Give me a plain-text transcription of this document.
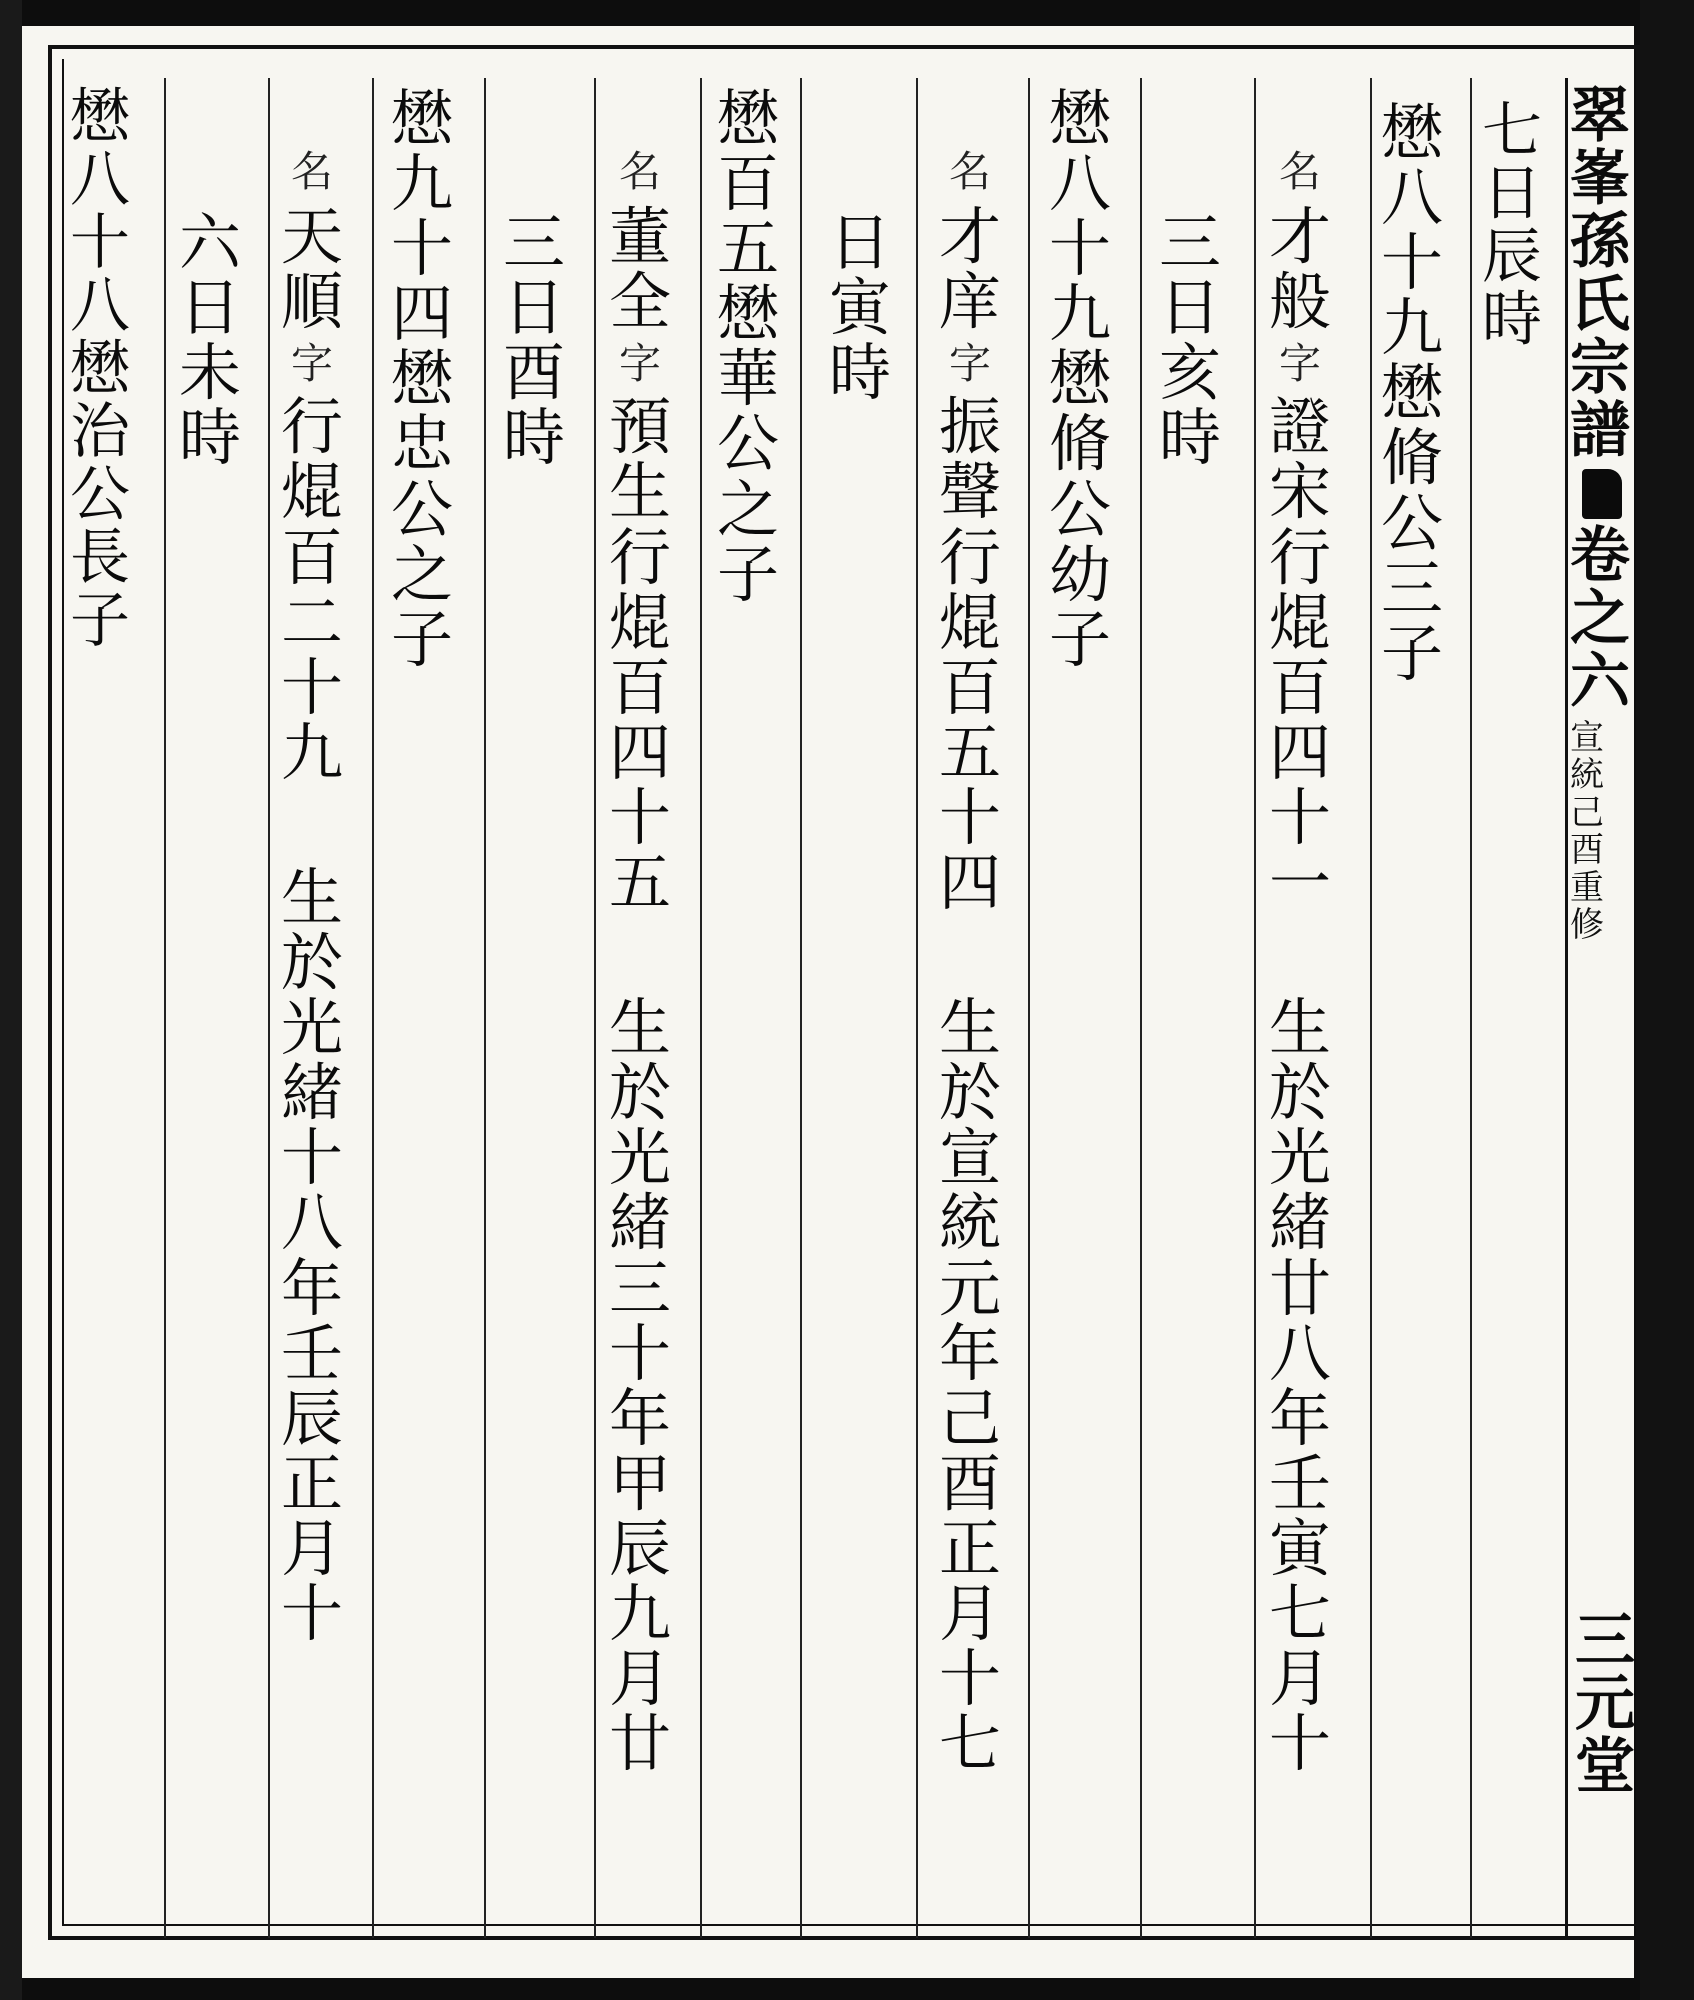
翠峯孫氏宗譜
卷之六
宣統己酉重修
三元堂
七
日
辰
時
懋
八
十
九
懋
脩
公
三
子
名
才
般
字
證
宋
行
焜
百
四
十
一
生
於
光
緒
廿
八
年
壬
寅
七
月
十
三
日
亥
時
懋
八
十
九
懋
脩
公
幼
子
名
才
庠
字
振
聲
行
焜
百
五
十
四
生
於
宣
統
元
年
己
酉
正
月
十
七
日
寅
時
懋
百
五
懋
華
公
之
子
名
董
全
字
預
生
行
焜
百
四
十
五
生
於
光
緒
三
十
年
甲
辰
九
月
廿
三
日
酉
時
懋
九
十
四
懋
忠
公
之
子
名
天
順
字
行
焜
百
二
十
九
生
於
光
緒
十
八
年
壬
辰
正
月
十
六
日
未
時
懋
八
十
八
懋
治
公
長
子
